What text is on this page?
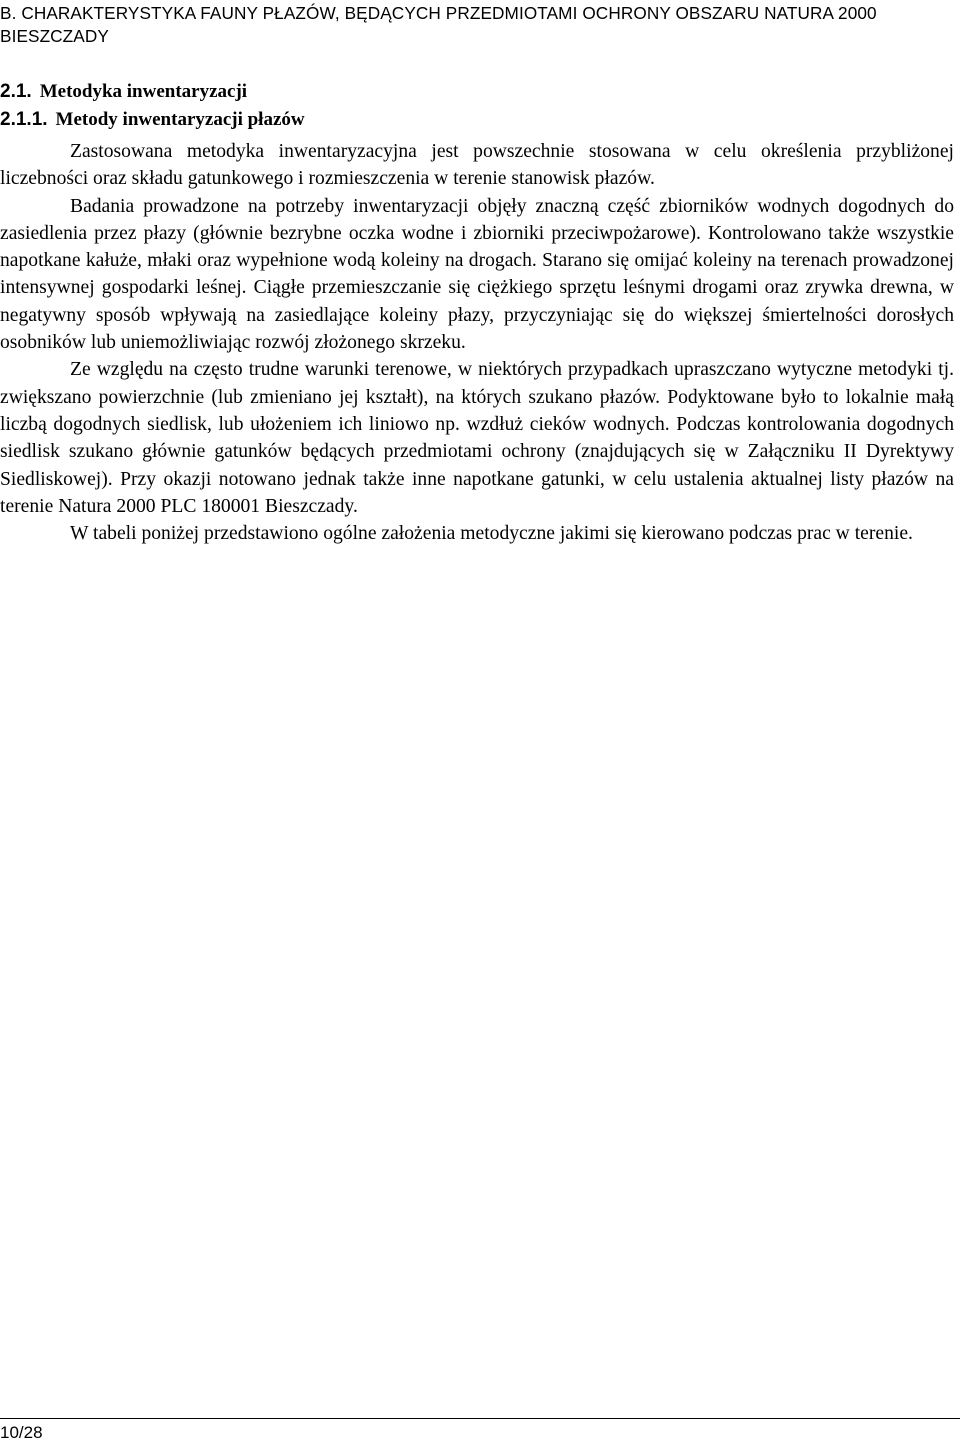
B. CHARAKTERYSTYKA FAUNY PŁAZÓW, BĘDĄCYCH PRZEDMIOTAMI OCHRONY OBSZARU NATURA 2000 BIESZCZADY
2.1. Metodyka inwentaryzacji
2.1.1. Metody inwentaryzacji płazów

Zastosowana metodyka inwentaryzacyjna jest powszechnie stosowana w celu określenia przybliżonej liczebności oraz składu gatunkowego i rozmieszczenia w terenie stanowisk płazów.

Badania prowadzone na potrzeby inwentaryzacji objęły znaczną część zbiorników wodnych dogodnych do zasiedlenia przez płazy (głównie bezrybne oczka wodne i zbiorniki przeciwpożarowe). Kontrolowano także wszystkie napotkane kałuże, młaki oraz wypełnione wodą koleiny na drogach. Starano się omijać koleiny na terenach prowadzonej intensywnej gospodarki leśnej. Ciągłe przemieszczanie się ciężkiego sprzętu leśnymi drogami oraz zrywka drewna, w negatywny sposób wpływają na zasiedlające koleiny płazy, przyczyniając się do większej śmiertelności dorosłych osobników lub uniemożliwiając rozwój złożonego skrzeku.

Ze względu na często trudne warunki terenowe, w niektórych przypadkach upraszczano wytyczne metodyki tj. zwiększano powierzchnie (lub zmieniano jej kształt), na których szukano płazów. Podyktowane było to lokalnie małą liczbą dogodnych siedlisk, lub ułożeniem ich liniowo np. wzdłuż cieków wodnych. Podczas kontrolowania dogodnych siedlisk szukano głównie gatunków będących przedmiotami ochrony (znajdujących się w Załączniku II Dyrektywy Siedliskowej). Przy okazji notowano jednak także inne napotkane gatunki, w celu ustalenia aktualnej listy płazów na terenie Natura 2000 PLC 180001 Bieszczady.

W tabeli poniżej przedstawiono ogólne założenia metodyczne jakimi się kierowano podczas prac w terenie.

10/28
